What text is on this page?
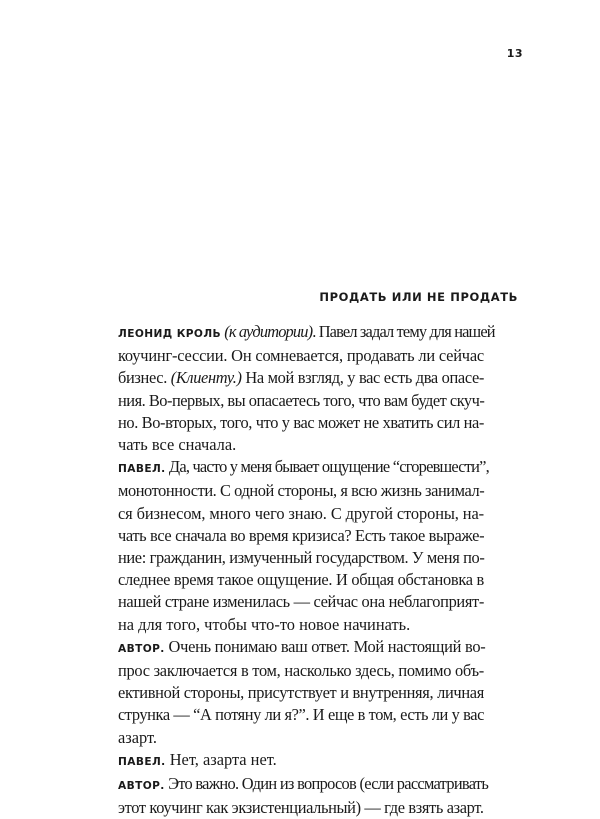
13
ПРОДАТЬ ИЛИ НЕ ПРОДАТЬ
ЛЕОНИД КРОЛЬ (к аудитории). Павел задал тему для нашей
коучинг-сессии. Он сомневается, продавать ли сейчас
бизнес. (Клиенту.) На мой взгляд, у вас есть два опасе-
ния. Во-первых, вы опасаетесь того, что вам будет скуч-
но. Во-вторых, того, что у вас может не хватить сил на-
чать все сначала.
ПАВЕЛ. Да, часто у меня бывает ощущение “сгоревшести”,
монотонности. С одной стороны, я всю жизнь занимал-
ся бизнесом, много чего знаю. С другой стороны, на-
чать все сначала во время кризиса? Есть такое выраже-
ние: гражданин, измученный государством. У меня по-
следнее время такое ощущение. И общая обстановка в
нашей стране изменилась — сейчас она неблагоприят-
на для того, чтобы что-то новое начинать.
АВТОР. Очень понимаю ваш ответ. Мой настоящий во-
прос заключается в том, насколько здесь, помимо объ-
ективной стороны, присутствует и внутренняя, личная
струнка — “А потяну ли я?”. И еще в том, есть ли у вас
азарт.
ПАВЕЛ. Нет, азарта нет.
АВТОР. Это важно. Один из вопросов (если рассматривать
этот коучинг как экзистенциальный) — где взять азарт.
